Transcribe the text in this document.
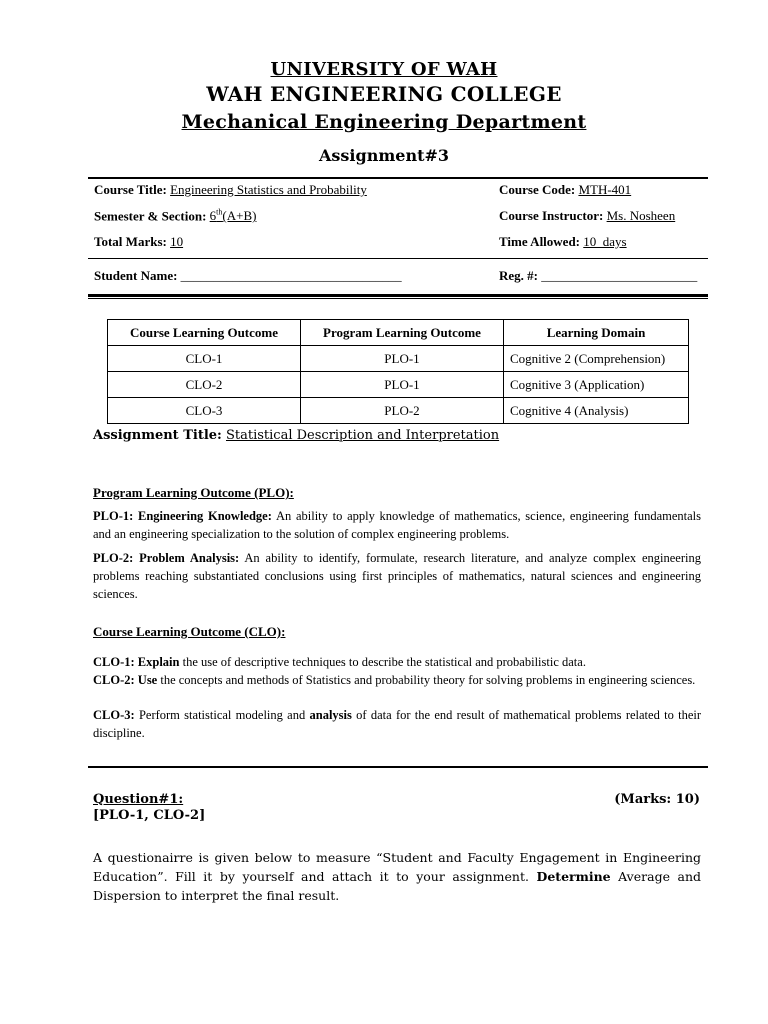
UNIVERSITY OF WAH
WAH ENGINEERING COLLEGE
Mechanical Engineering Department
Assignment#3
Course Title: Engineering Statistics and Probability	Course Code: MTH-401
Semester & Section: 6th(A+B)	Course Instructor: Ms. Nosheen
Total Marks: 10	Time Allowed: 10  days
Student Name: __________________________________	Reg. #: ________________________
Course Learning Outcome	Program Learning Outcome	Learning Domain
CLO-1	PLO-1	Cognitive 2 (Comprehension)
CLO-2	PLO-1	Cognitive 3 (Application)
CLO-3	PLO-2	Cognitive 4 (Analysis)
Assignment Title: Statistical Description and Interpretation
Program Learning Outcome (PLO):
PLO-1: Engineering Knowledge: An ability to apply knowledge of mathematics, science, engineering fundamentals and an engineering specialization to the solution of complex engineering problems.
PLO-2: Problem Analysis: An ability to identify, formulate, research literature, and analyze complex engineering problems reaching substantiated conclusions using first principles of mathematics, natural sciences and engineering sciences.
Course Learning Outcome (CLO):
CLO-1: Explain the use of descriptive techniques to describe the statistical and probabilistic data.
CLO-2: Use the concepts and methods of Statistics and probability theory for solving problems in engineering sciences.
CLO-3: Perform statistical modeling and analysis of data for the end result of mathematical problems related to their discipline.
Question#1:	(Marks: 10)
[PLO-1, CLO-2]
A questionairre is given below to measure “Student and Faculty Engagement in Engineering Education”. Fill it by yourself and attach it to your assignment. Determine Average and Dispersion to interpret the final result.
